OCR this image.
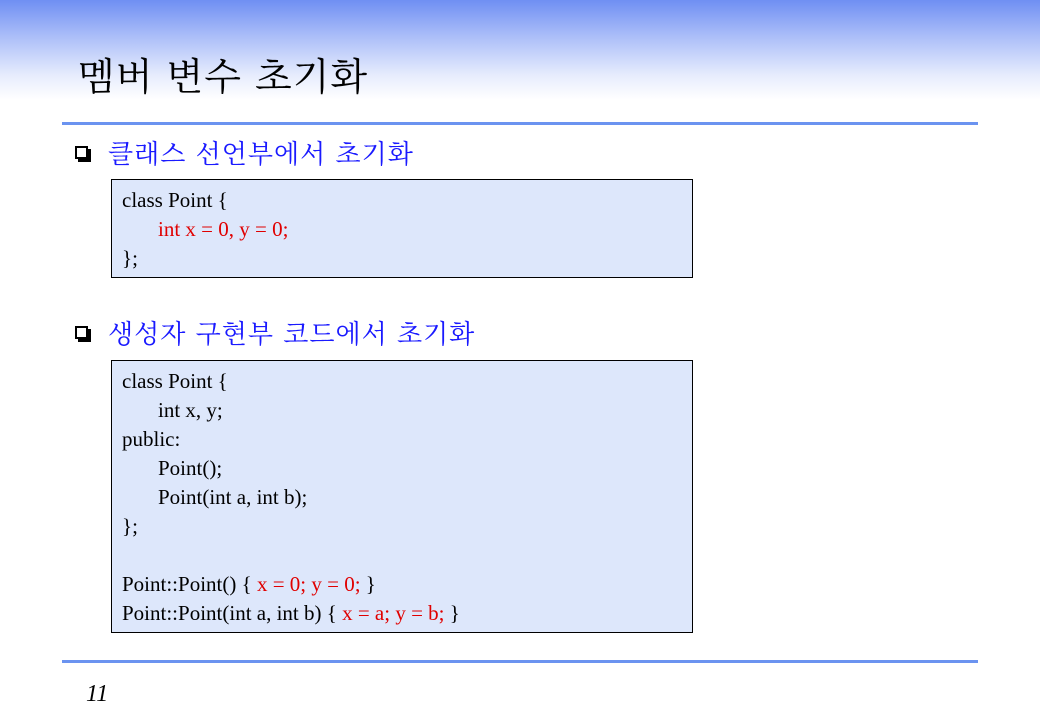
멤버 변수 초기화
클래스 선언부에서 초기화
class Point {
int x = 0, y = 0;
};
생성자 구현부 코드에서 초기화
class Point {
int x, y;
public:
Point();
Point(int a, int b);
};
Point::Point() { x = 0; y = 0; }
Point::Point(int a, int b) { x = a; y = b; }
11
